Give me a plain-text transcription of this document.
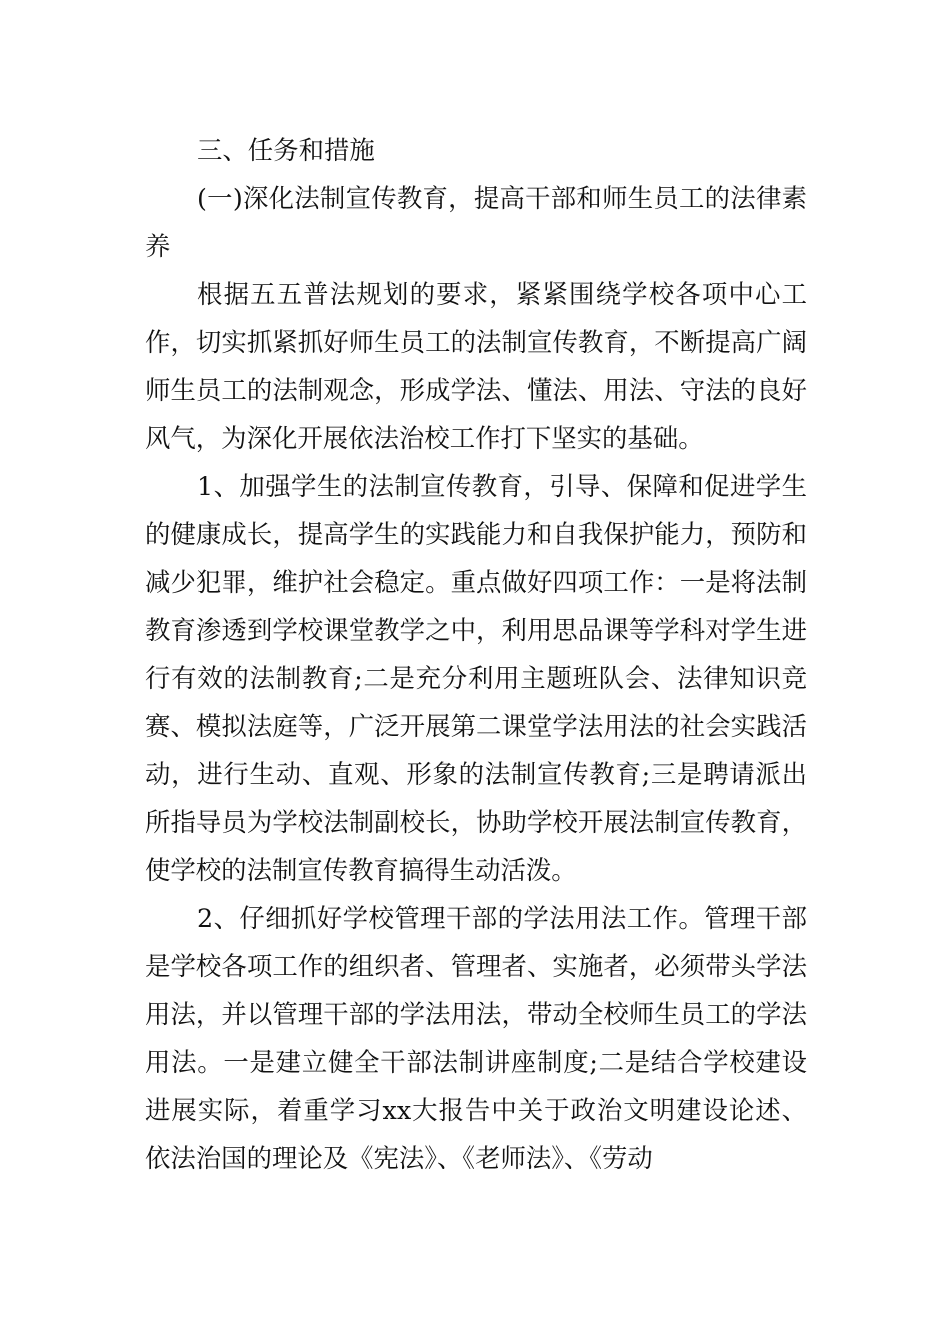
三、任务和措施

(一)深化法制宣传教育，提高干部和师生员工的法律素养

根据五五普法规划的要求，紧紧围绕学校各项中心工作，切实抓紧抓好师生员工的法制宣传教育，不断提高广阔师生员工的法制观念，形成学法、懂法、用法、守法的良好风气，为深化开展依法治校工作打下坚实的基础。

1、加强学生的法制宣传教育，引导、保障和促进学生的健康成长，提高学生的实践能力和自我保护能力，预防和减少犯罪，维护社会稳定。重点做好四项工作：一是将法制教育渗透到学校课堂教学之中，利用思品课等学科对学生进行有效的法制教育;二是充分利用主题班队会、法律知识竞赛、模拟法庭等，广泛开展第二课堂学法用法的社会实践活动，进行生动、直观、形象的法制宣传教育;三是聘请派出所指导员为学校法制副校长，协助学校开展法制宣传教育，使学校的法制宣传教育搞得生动活泼。

2、仔细抓好学校管理干部的学法用法工作。管理干部是学校各项工作的组织者、管理者、实施者，必须带头学法用法，并以管理干部的学法用法，带动全校师生员工的学法用法。一是建立健全干部法制讲座制度;二是结合学校建设进展实际，着重学习xx大报告中关于政治文明建设论述、依法治国的理论及《宪法》、《老师法》、《劳动
